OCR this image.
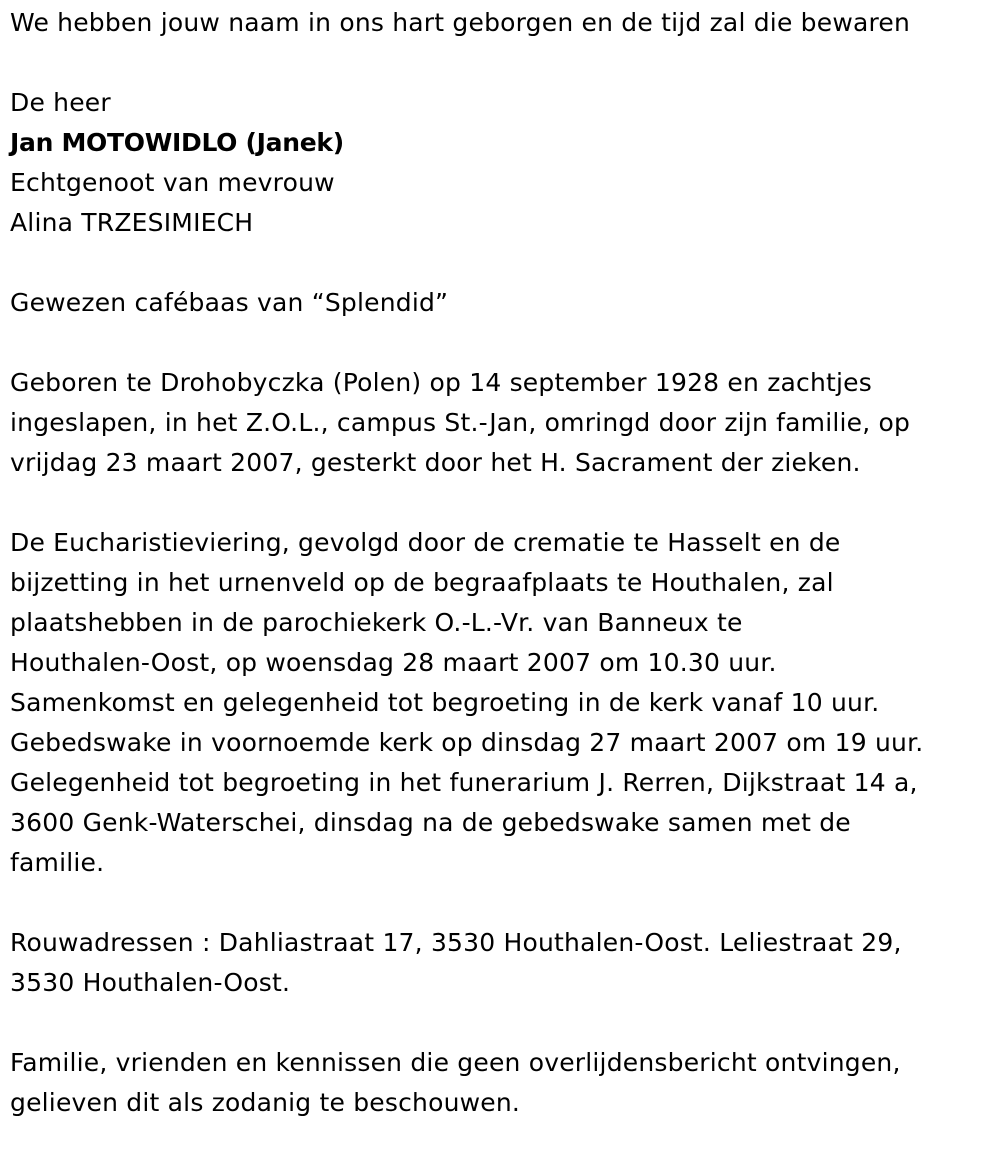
We hebben jouw naam in ons hart geborgen en de tijd zal die bewaren
De heer
Jan MOTOWIDLO (Janek)
Echtgenoot van mevrouw
Alina TRZESIMIECH
Gewezen cafébaas van “Splendid”
Geboren te Drohobyczka (Polen) op 14 september 1928 en zachtjes
ingeslapen, in het Z.O.L., campus St.-Jan, omringd door zijn familie, op
vrijdag 23 maart 2007, gesterkt door het H. Sacrament der zieken.
De Eucharistieviering, gevolgd door de crematie te Hasselt en de
bijzetting in het urnenveld op de begraafplaats te Houthalen, zal
plaatshebben in de parochiekerk O.-L.-Vr. van Banneux te
Houthalen-Oost, op woensdag 28 maart 2007 om 10.30 uur.
Samenkomst en gelegenheid tot begroeting in de kerk vanaf 10 uur.
Gebedswake in voornoemde kerk op dinsdag 27 maart 2007 om 19 uur.
Gelegenheid tot begroeting in het funerarium J. Rerren, Dijkstraat 14 a,
3600 Genk-Waterschei, dinsdag na de gebedswake samen met de
familie.
Rouwadressen : Dahliastraat 17, 3530 Houthalen-Oost. Leliestraat 29,
3530 Houthalen-Oost.
Familie, vrienden en kennissen die geen overlijdensbericht ontvingen,
gelieven dit als zodanig te beschouwen.
